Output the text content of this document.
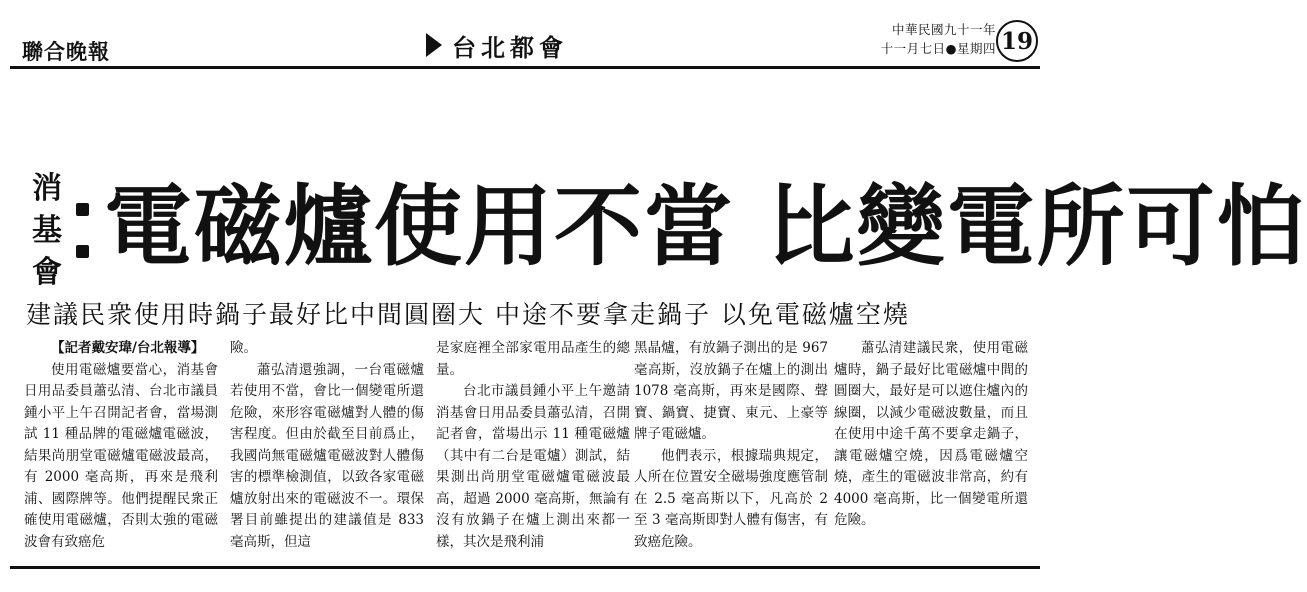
聯合晚報	台北都會
中華民國九十一年
十一月七日●星期四 19
消基會 電磁爐使用不當 比變電所可怕
建議民衆使用時鍋子最好比中間圓圈大 中途不要拿走鍋子 以免電磁爐空燒

【記者戴安瑋/台北報導】

使用電磁爐要當心，消基會日用品委員蕭弘清、台北市議員鍾小平上午召開記者會，當場測試 11 種品牌的電磁爐電磁波，結果尚朋堂電磁爐電磁波最高，有 2000 毫高斯，再來是飛利浦、國際牌等。他們提醒民衆正確使用電磁爐，否則太強的電磁波會有致癌危

險。

蕭弘清還強調，一台電磁爐若使用不當，會比一個變電所還危險，來形容電磁爐對人體的傷害程度。但由於截至目前爲止，我國尚無電磁爐電磁波對人體傷害的標準檢測值，以致各家電磁爐放射出來的電磁波不一。環保署目前雖提出的建議值是 833 毫高斯，但這

是家庭裡全部家電用品產生的總量。

台北市議員鍾小平上午邀請消基會日用品委員蕭弘清，召開記者會，當場出示 11 種電磁爐（其中有二台是電爐）測試，結果測出尚朋堂電磁爐電磁波最高，超過 2000 毫高斯，無論有沒有放鍋子在爐上測出來都一樣，其次是飛利浦

黑晶爐，有放鍋子測出的是 967 毫高斯，沒放鍋子在爐上的測出 1078 毫高斯，再來是國際、聲寶、鍋寶、捷寶、東元、上豪等牌子電磁爐。

他們表示，根據瑞典規定，人所在位置安全磁場強度應管制在 2.5 毫高斯以下，凡高於 2 至 3 毫高斯即對人體有傷害，有致癌危險。

蕭弘清建議民衆，使用電磁爐時，鍋子最好比電磁爐中間的圓圈大，最好是可以遮住爐內的線圈，以減少電磁波數量，而且在使用中途千萬不要拿走鍋子，讓電磁爐空燒，因爲電磁爐空燒，產生的電磁波非常高，約有 4000 毫高斯，比一個變電所還危險。
